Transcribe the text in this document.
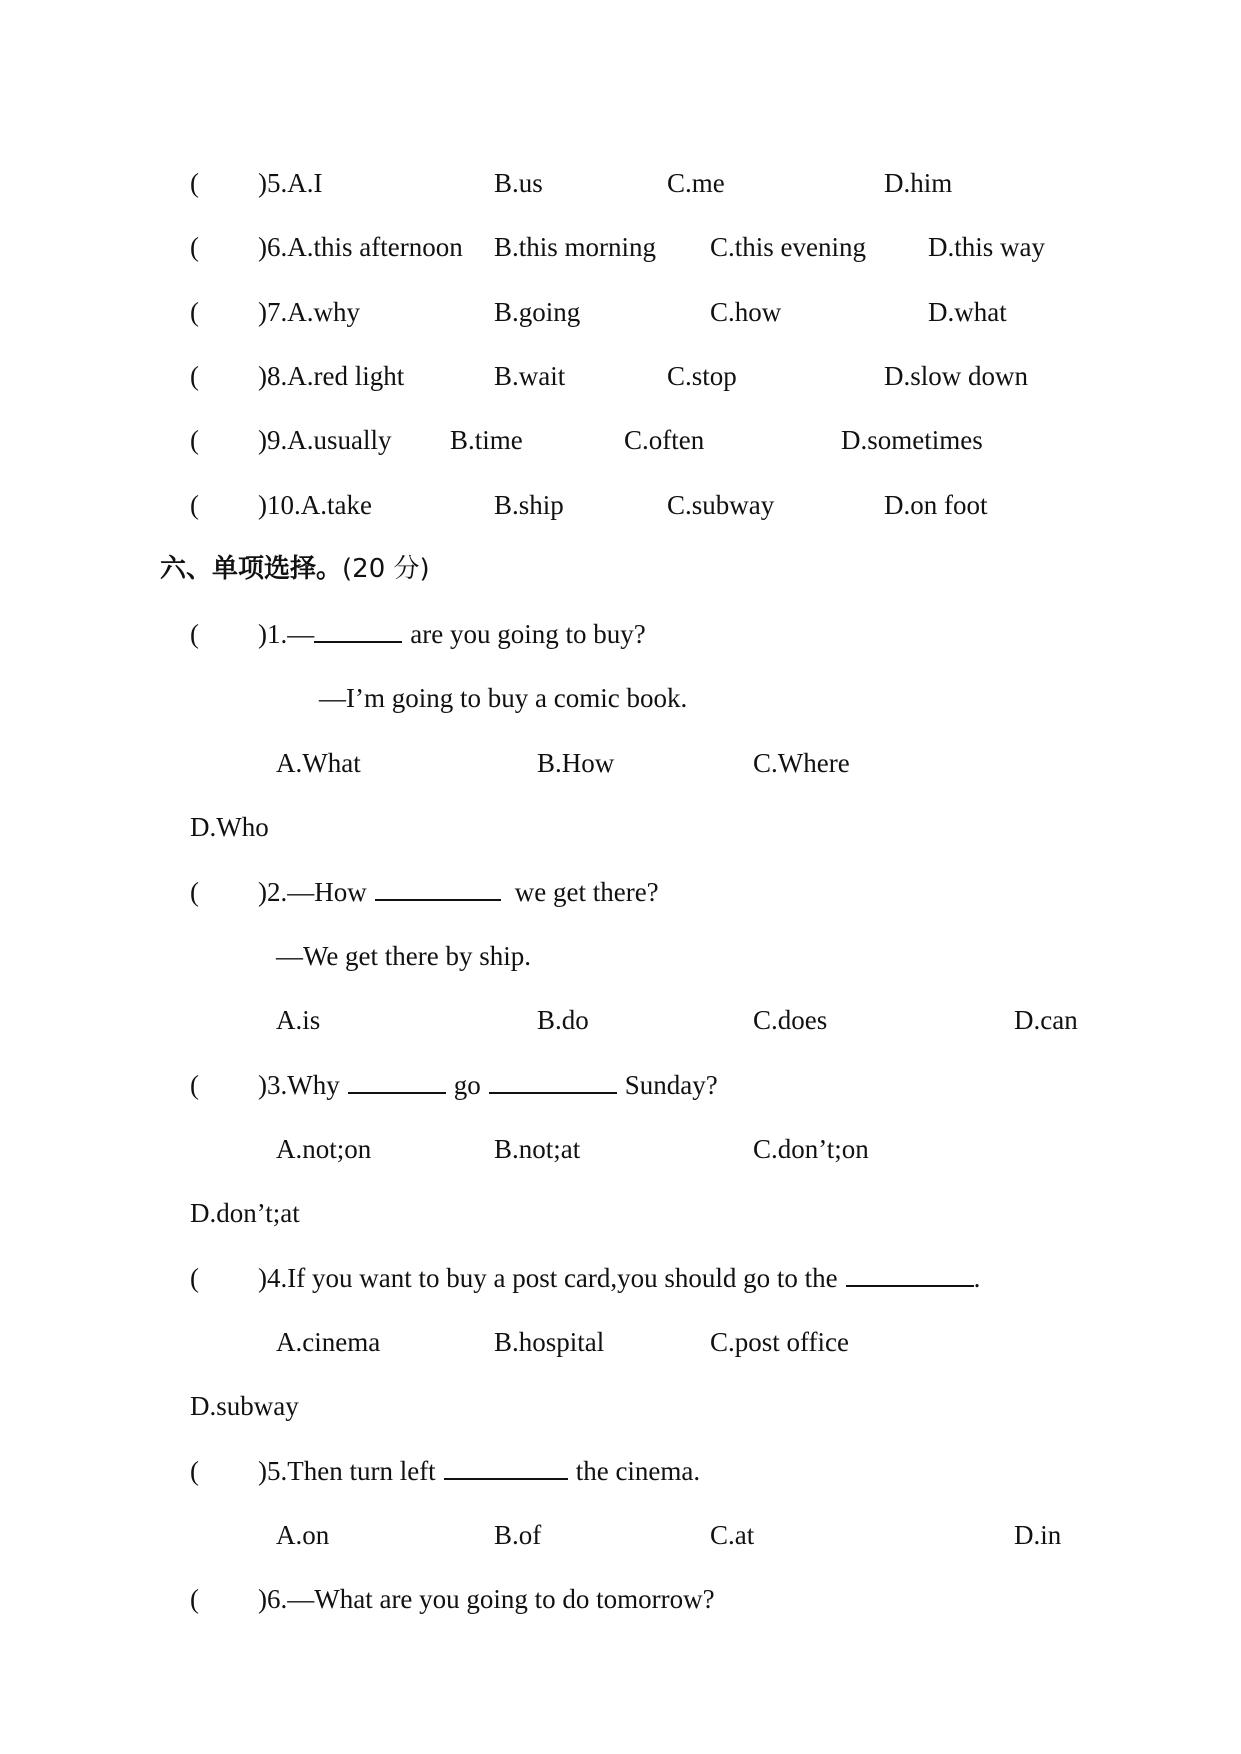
( )5.A.I	B.us	C.me	D.him
( )6.A.this afternoon B.this morning C.this evening D.this way
( )7.A.why	B.going	C.how	D.what
( )8.A.red light	B.wait	C.stop	D.slow down
( )9.A.usually B.time	C.often	D.sometimes
( )10.A.take	B.ship	C.subway	D.on foot
六、单项选择。(20 分)
( )1.—	are you going to buy?
—I’m going to buy a comic book.
A.What	B.How	C.Where
D.Who
( )2.—How	we get there?
—We get there by ship.
A.is	B.do	C.does	D.can
( )3.Why	go	Sunday?
A.not;on	B.not;at	C.don’t;on
D.don’t;at
( )4.If you want to buy a post card,you should go to the	.
A.cinema	B.hospital	C.post office
D.subway
( )5.Then turn left	the cinema.
A.on	B.of	C.at	D.in
( )6.—What are you going to do tomorrow?
